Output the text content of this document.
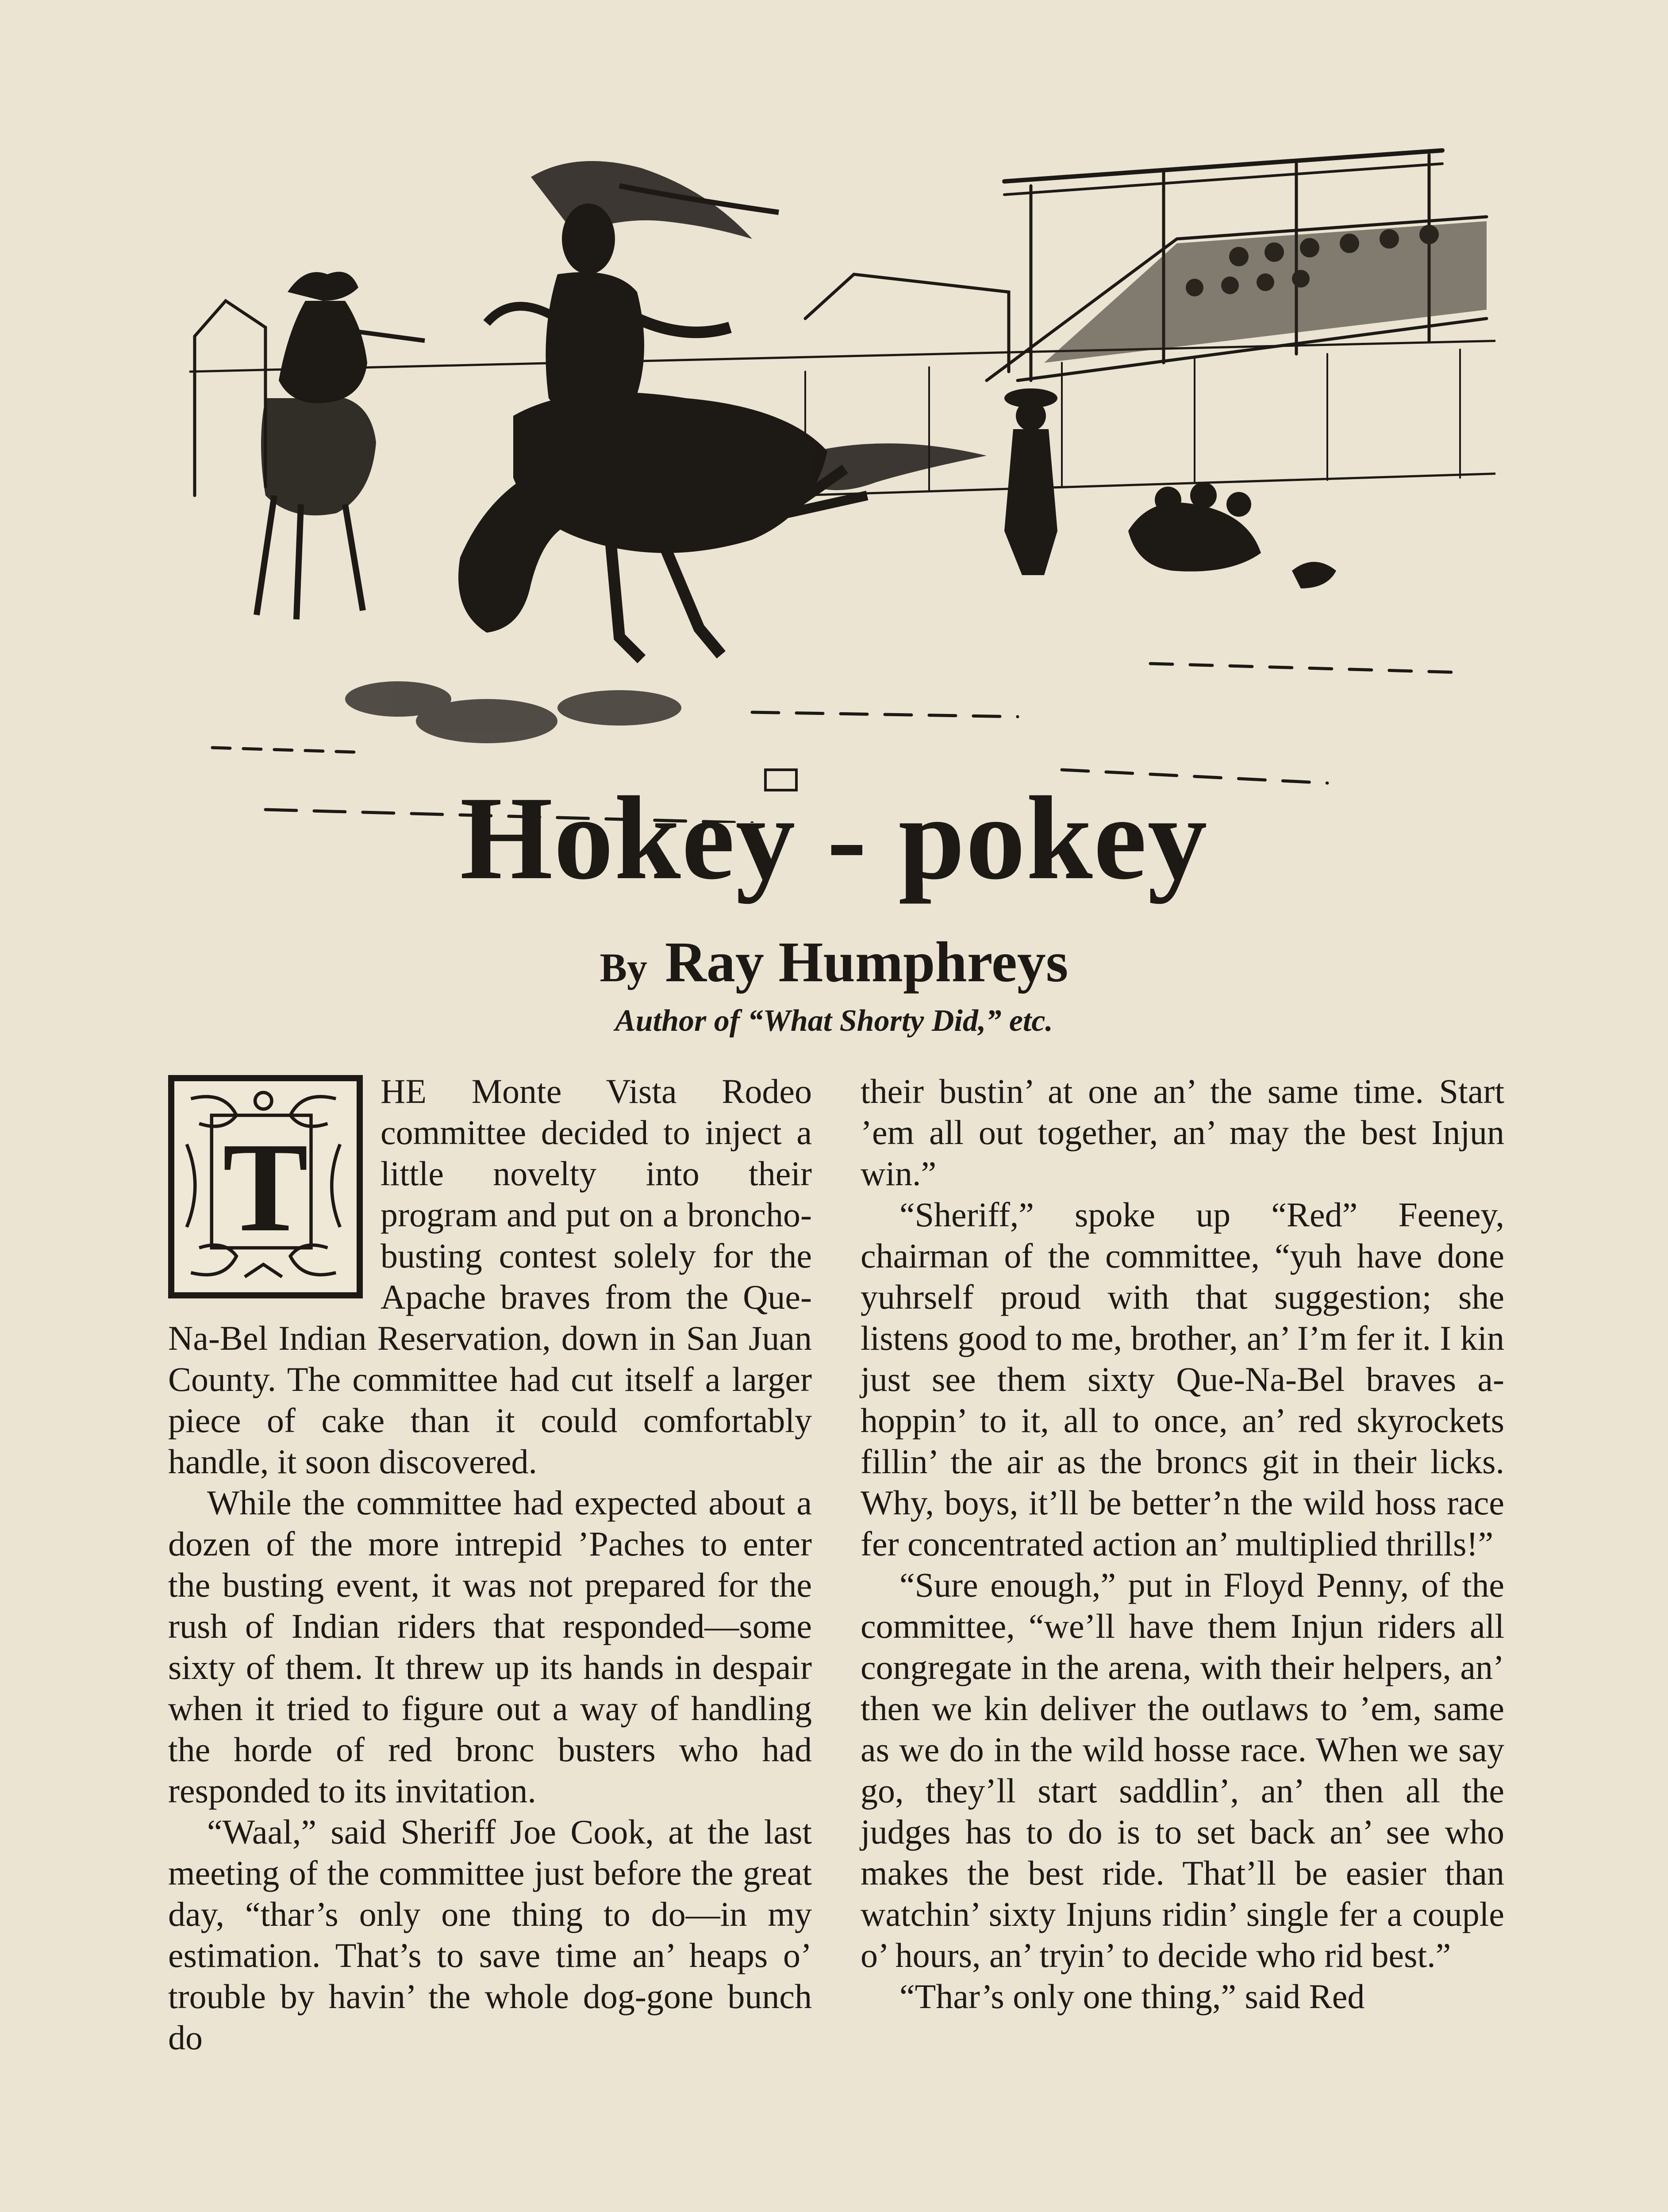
Hokey - pokey
By Ray Humphreys
Author of “What Shorty Did,” etc.
T

HE Monte Vista Rodeo committee decided to inject a little novelty into their program and put on a broncho-busting contest solely for the Apache braves from the Que-Na-Bel Indian Reservation, down in San Juan County. The committee had cut itself a larger piece of cake than it could comfortably handle, it soon discovered.

While the committee had expected about a dozen of the more intrepid ’Paches to enter the busting event, it was not prepared for the rush of Indian riders that responded—some sixty of them. It threw up its hands in despair when it tried to figure out a way of handling the horde of red bronc busters who had responded to its invitation.

“Waal,” said Sheriff Joe Cook, at the last meeting of the committee just before the great day, “thar’s only one thing to do—in my estimation. That’s to save time an’ heaps o’ trouble by havin’ the whole dog-gone bunch do

their bustin’ at one an’ the same time. Start ’em all out together, an’ may the best Injun win.”

“Sheriff,” spoke up “Red” Feeney, chairman of the committee, “yuh have done yuhrself proud with that suggestion; she listens good to me, brother, an’ I’m fer it. I kin just see them sixty Que-Na-Bel braves a-hoppin’ to it, all to once, an’ red skyrockets fillin’ the air as the broncs git in their licks. Why, boys, it’ll be better’n the wild hoss race fer concentrated action an’ multiplied thrills!”

“Sure enough,” put in Floyd Penny, of the committee, “we’ll have them Injun riders all congregate in the arena, with their helpers, an’ then we kin deliver the outlaws to ’em, same as we do in the wild hosse race. When we say go, they’ll start saddlin’, an’ then all the judges has to do is to set back an’ see who makes the best ride. That’ll be easier than watchin’ sixty Injuns ridin’ single fer a couple o’ hours, an’ tryin’ to decide who rid best.”

“Thar’s only one thing,” said Red
